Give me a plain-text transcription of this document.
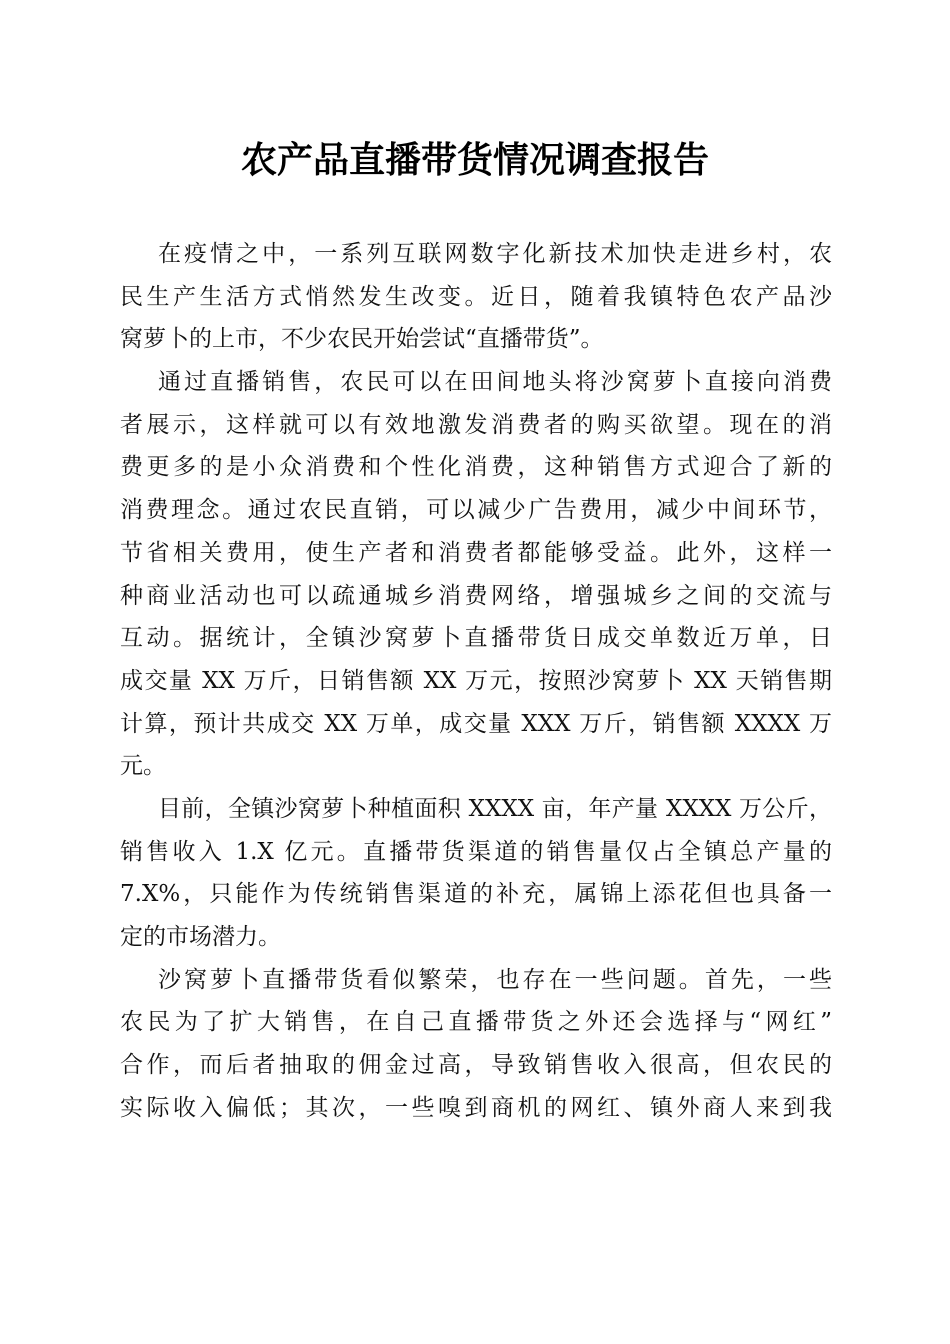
农产品直播带货情况调查报告

在疫情之中，一系列互联网数字化新技术加快走进乡村，农
民生产生活方式悄然发生改变。近日，随着我镇特色农产品沙
窝萝卜的上市，不少农民开始尝试“直播带货”。

通过直播销售，农民可以在田间地头将沙窝萝卜直接向消费
者展示，这样就可以有效地激发消费者的购买欲望。现在的消
费更多的是小众消费和个性化消费，这种销售方式迎合了新的
消费理念。通过农民直销，可以减少广告费用，减少中间环节，
节省相关费用，使生产者和消费者都能够受益。此外，这样一
种商业活动也可以疏通城乡消费网络，增强城乡之间的交流与
互动。据统计，全镇沙窝萝卜直播带货日成交单数近万单，日
成交量 XX 万斤，日销售额 XX 万元，按照沙窝萝卜 XX 天销售期
计算，预计共成交 XX 万单，成交量 XXX 万斤，销售额 XXXX 万
元。

目前，全镇沙窝萝卜种植面积 XXXX 亩，年产量 XXXX 万公斤，
销售收入 1.X 亿元。直播带货渠道的销售量仅占全镇总产量的
7.X%，只能作为传统销售渠道的补充，属锦上添花但也具备一
定的市场潜力。

沙窝萝卜直播带货看似繁荣，也存在一些问题。首先，一些
农民为了扩大销售，在自己直播带货之外还会选择与“网红”
合作，而后者抽取的佣金过高，导致销售收入很高，但农民的
实际收入偏低；其次，一些嗅到商机的网红、镇外商人来到我
